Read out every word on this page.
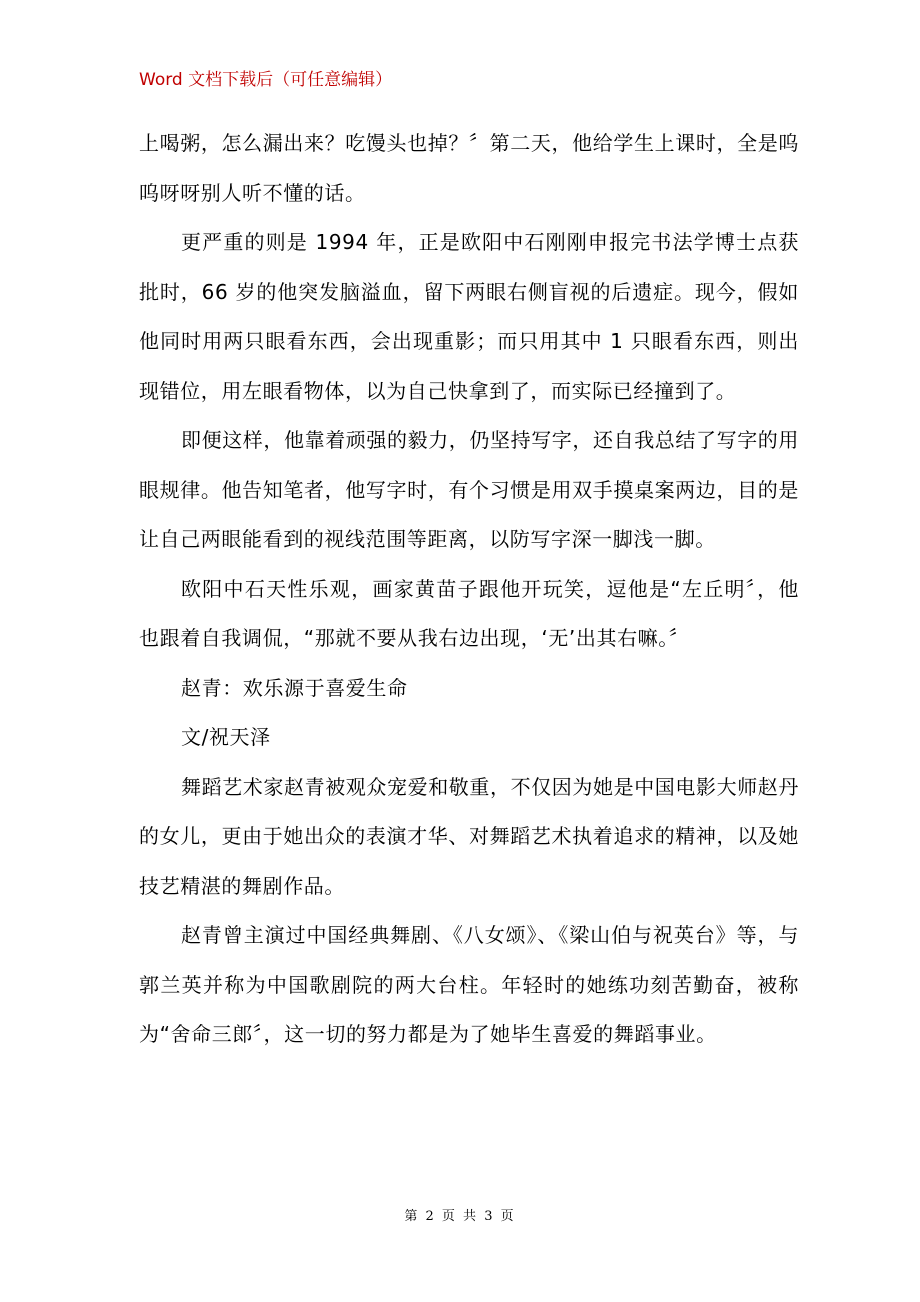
Word 文档下载后（可任意编辑）

上喝粥，怎么漏出来？吃馒头也掉？〞第二天，他给学生上课时，全是呜呜呀呀别人听不懂的话。

更严重的则是 1994 年，正是欧阳中石刚刚申报完书法学博士点获批时，66 岁的他突发脑溢血，留下两眼右侧盲视的后遗症。现今，假如他同时用两只眼看东西，会出现重影；而只用其中 1 只眼看东西，则出现错位，用左眼看物体，以为自己快拿到了，而实际已经撞到了。

即便这样，他靠着顽强的毅力，仍坚持写字，还自我总结了写字的用眼规律。他告知笔者，他写字时，有个习惯是用双手摸桌案两边，目的是让自己两眼能看到的视线范围等距离，以防写字深一脚浅一脚。

欧阳中石天性乐观，画家黄苗子跟他开玩笑，逗他是“左丘明〞，他也跟着自我调侃，“那就不要从我右边出现，‘无’出其右嘛。〞

赵青：欢乐源于喜爱生命

文/祝天泽

舞蹈艺术家赵青被观众宠爱和敬重，不仅因为她是中国电影大师赵丹的女儿，更由于她出众的表演才华、对舞蹈艺术执着追求的精神，以及她技艺精湛的舞剧作品。

赵青曾主演过中国经典舞剧、《八女颂》、《梁山伯与祝英台》等，与郭兰英并称为中国歌剧院的两大台柱。年轻时的她练功刻苦勤奋，被称为“舍命三郎〞，这一切的努力都是为了她毕生喜爱的舞蹈事业。

第 2 页 共 3 页
